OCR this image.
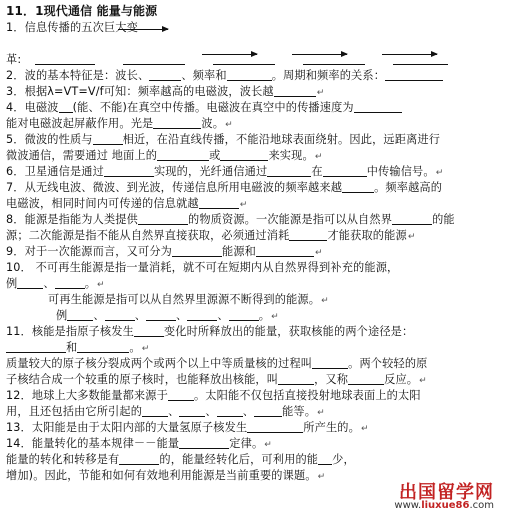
11．1现代通信 能量与能源
1．信息传播的五次巨大变
革:
2．波的基本特征是：波长、	、频率和	。周期和频率的关系：
3．根据λ=VT=V/f可知：频率越高的电磁波，波长越	↵
4．电磁波 (能、不能)在真空中传播。电磁波在真空中的传播速度为
能对电磁波起屏蔽作用。光是	波。↵
5．微波的性质与	相近，在沿直线传播，不能沿地球表面绕射。因此，远距离进行
微波通信，需要通过 地面上的	或	来实现。↵
6．卫星通信是通过	实现的，光纤通信通过	在	中传输信号。↵
7．从无线电波、微波、到光波，传递信息所用电磁波的频率越来越	。频率越高的
电磁波，相同时间内可传递的信息就越	↵
8．能源是指能为人类提供	的物质资源。一次能源是指可以从自然界	的能
源；二次能源是指不能从自然界直接获取，必须通过消耗	才能获取的能源↵
9．对于一次能源而言，又可分为	能源和	↵
10． 不可再生能源是指一量消耗，就不可在短期内从自然界得到补充的能源，
例 、	。↵
可再生能源是指可以从自然界里源源不断得到的能源。↵
例 、	、	、	、	。↵
11．核能是指原子核发生	变化时所释放出的能量，获取核能的两个途径是：
和	。↵
质量较大的原子核分裂成两个或两个以上中等质量核的过程叫	。两个较轻的原
子核结合成一个较重的原子核时，也能释放出核能，叫	，又称	反应。↵
12．地球上大多数能量都来源于 。太阳能不仅包括直接投射地球表面上的太阳
用，且还包括由它所引起的 、 、 、	能等。↵
13．太阳能是由于太阳内部的大量氢原子核发生	所产生的。↵
14．能量转化的基本规律－－能量	定律。↵
能量的转化和转移是有	的，能量经转化后，可利用的能 少，
增加)。因此，节能和如何有效地利用能源是当前重要的课题。↵
出国留学网
www.liuxue86.com
